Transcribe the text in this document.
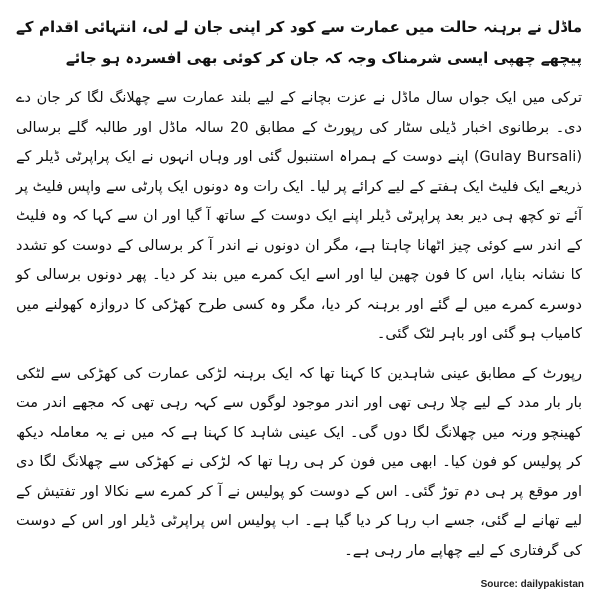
ماڈل نے برہنہ حالت میں عمارت سے کود کر اپنی جان لے لی، انتہائی اقدام کے پیچھے چھپی ایسی شرمناک وجہ کہ جان کر کوئی بھی افسردہ ہو جائے

ترکی میں ایک جواں سال ماڈل نے عزت بچانے کے لیے بلند عمارت سے چھلانگ لگا کر جان دے دی۔ برطانوی اخبار ڈیلی سٹار کی رپورٹ کے مطابق 20 سالہ ماڈل اور طالبہ گلے برسالی (Gulay Bursali) اپنے دوست کے ہمراہ استنبول گئی اور وہاں انہوں نے ایک پراپرٹی ڈیلر کے ذریعے ایک فلیٹ ایک ہفتے کے لیے کرائے پر لیا۔ ایک رات وہ دونوں ایک پارٹی سے واپس فلیٹ پر آئے تو کچھ ہی دیر بعد پراپرٹی ڈیلر اپنے ایک دوست کے ساتھ آ گیا اور ان سے کہا کہ وہ فلیٹ کے اندر سے کوئی چیز اٹھانا چاہتا ہے، مگر ان دونوں نے اندر آ کر برسالی کے دوست کو تشدد کا نشانہ بنایا، اس کا فون چھین لیا اور اسے ایک کمرے میں بند کر دیا۔ پھر دونوں برسالی کو دوسرے کمرے میں لے گئے اور برہنہ کر دیا، مگر وہ کسی طرح کھڑکی کا دروازہ کھولنے میں کامیاب ہو گئی اور باہر لٹک گئی۔

رپورٹ کے مطابق عینی شاہدین کا کہنا تھا کہ ایک برہنہ لڑکی عمارت کی کھڑکی سے لٹکی بار بار مدد کے لیے چلا رہی تھی اور اندر موجود لوگوں سے کہہ رہی تھی کہ مجھے اندر مت کھینچو ورنہ میں چھلانگ لگا دوں گی۔ ایک عینی شاہد کا کہنا ہے کہ میں نے یہ معاملہ دیکھ کر پولیس کو فون کیا۔ ابھی میں فون کر ہی رہا تھا کہ لڑکی نے کھڑکی سے چھلانگ لگا دی اور موقع پر ہی دم توڑ گئی۔ اس کے دوست کو پولیس نے آ کر کمرے سے نکالا اور تفتیش کے لیے تھانے لے گئی، جسے اب رہا کر دیا گیا ہے۔ اب پولیس اس پراپرٹی ڈیلر اور اس کے دوست کی گرفتاری کے لیے چھاپے مار رہی ہے۔

Source: dailypakistan
